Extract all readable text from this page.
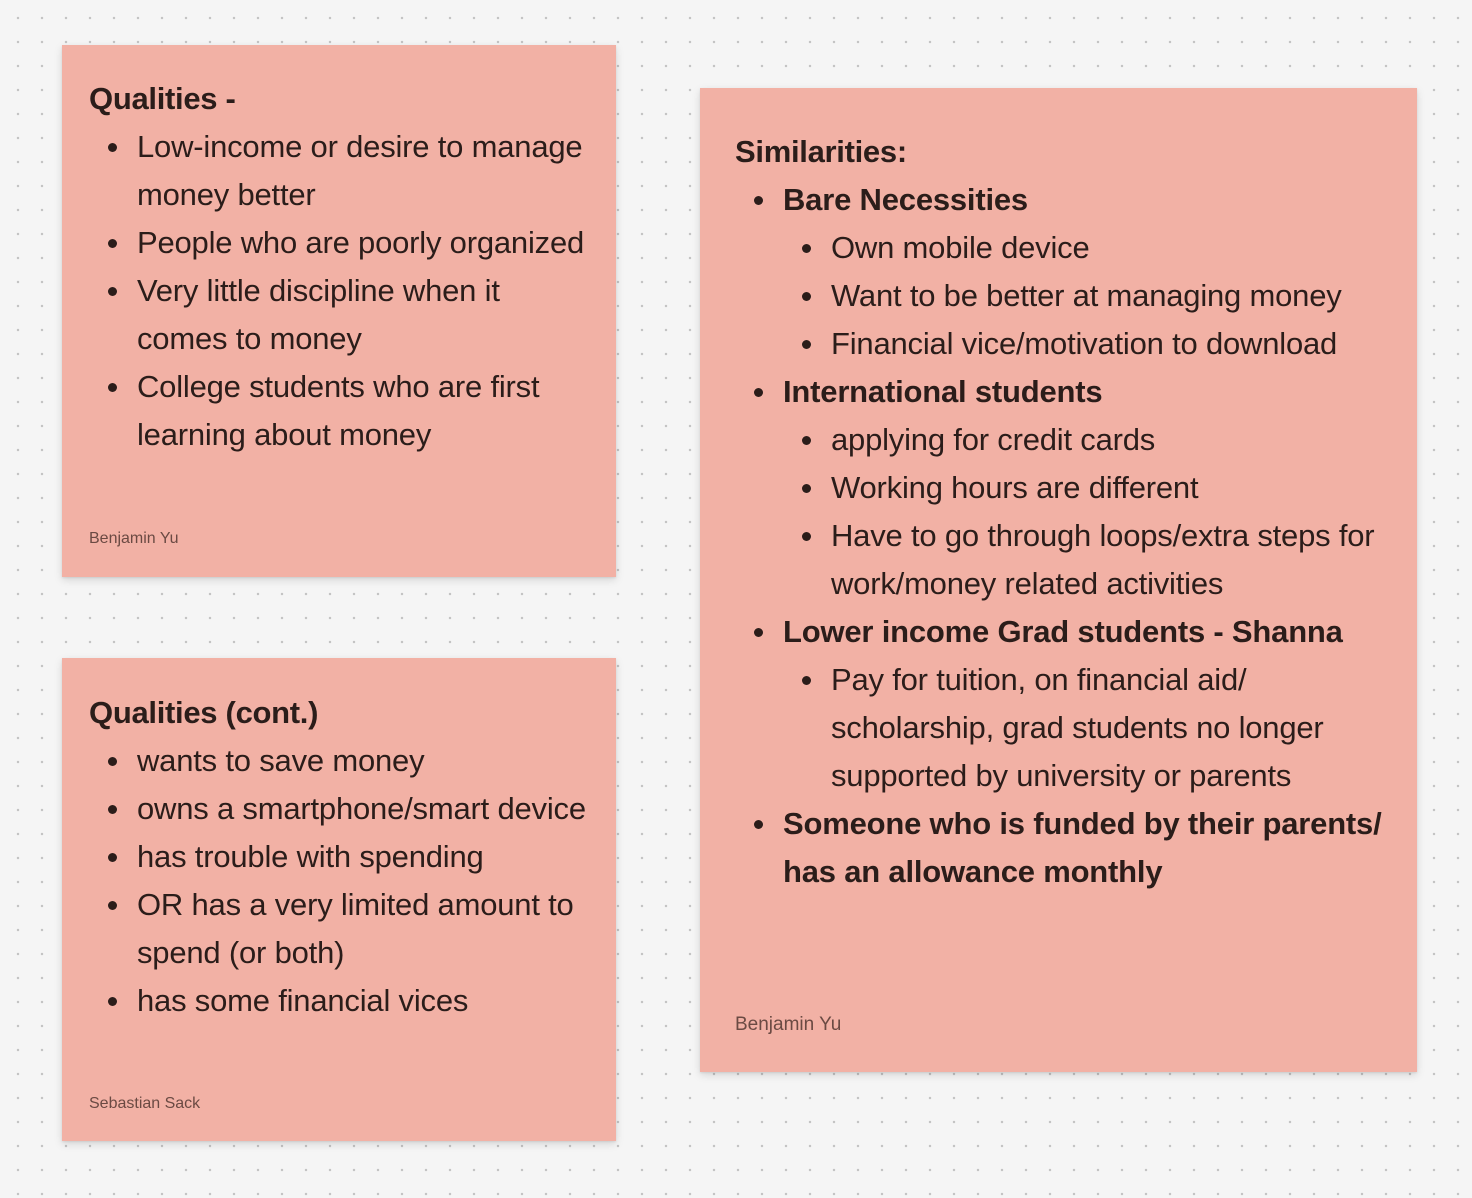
Qualities -
Low-income or desire to manage money better
People who are poorly organized
Very little discipline when it comes to money
College students who are first learning about money
Benjamin Yu
Qualities (cont.)
wants to save money
owns a smartphone/smart device
has trouble with spending
OR has a very limited amount to spend (or both)
has some financial vices
Sebastian Sack
Similarities:
Bare Necessities
Own mobile device
Want to be better at managing money
Financial vice/motivation to download
International students
applying for credit cards
Working hours are different
Have to go through loops/extra steps for work/money related activities
Lower income Grad students - Shanna
Pay for tuition, on financial aid/ scholarship, grad students no longer supported by university or parents
Someone who is funded by their parents/ has an allowance monthly
Benjamin Yu
